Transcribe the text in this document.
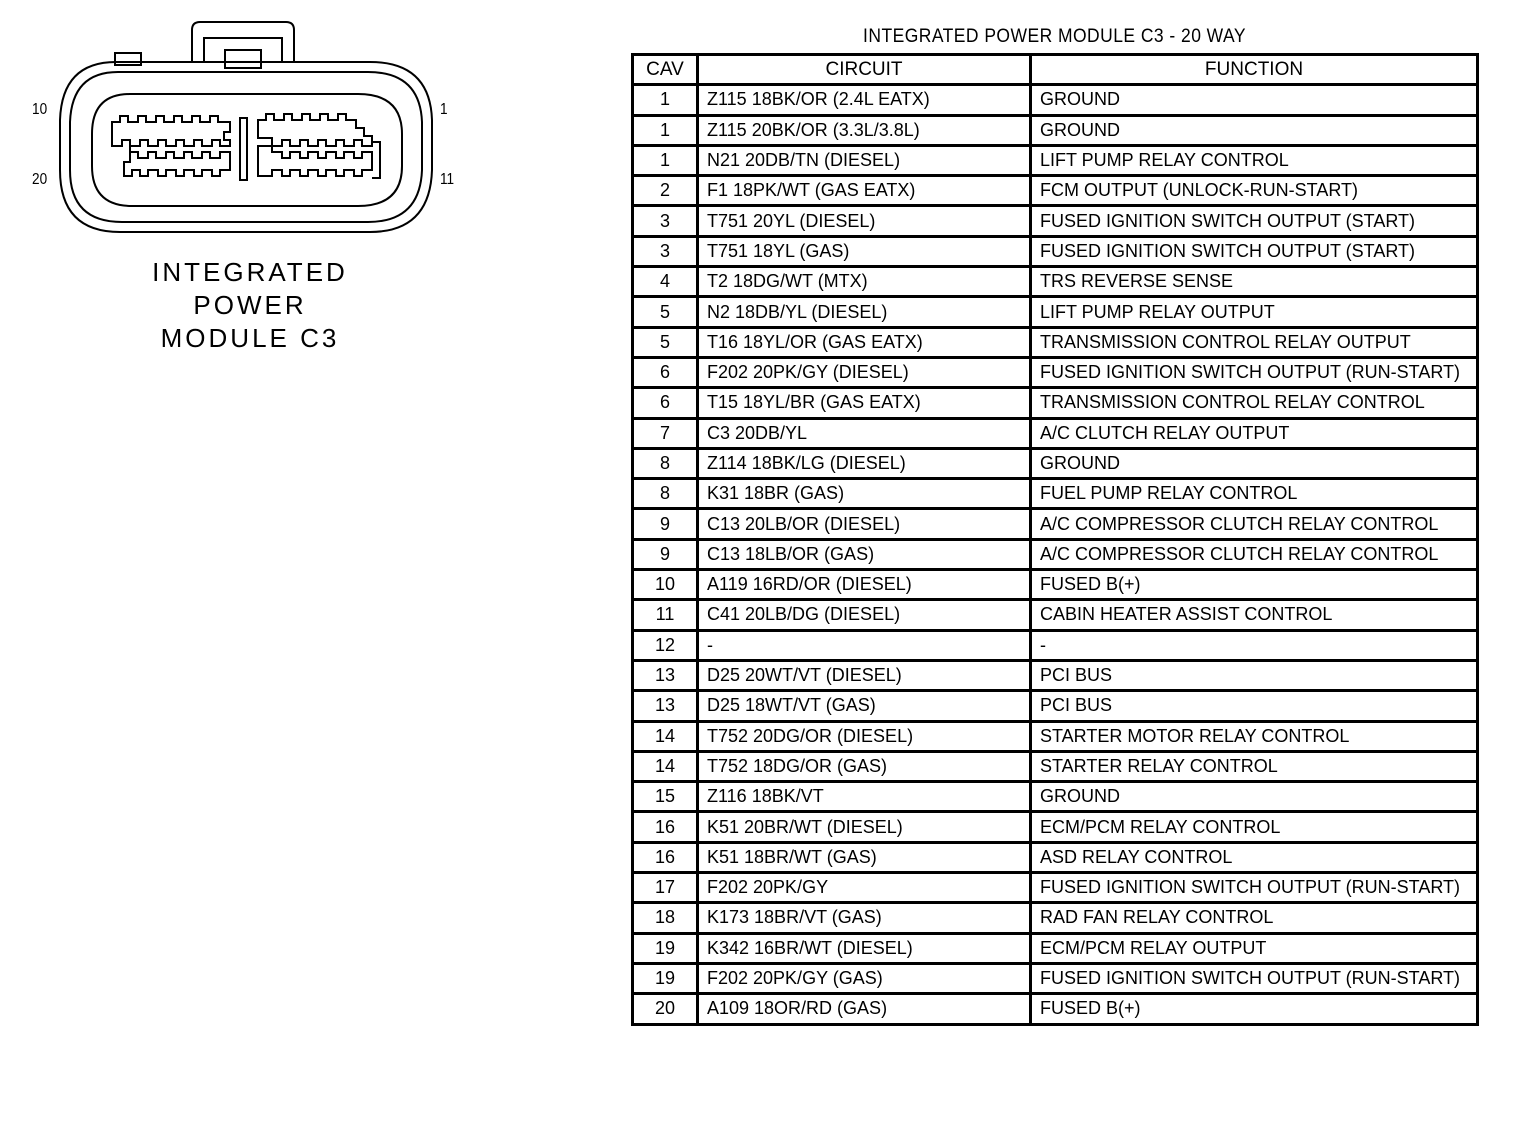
10
20
1
11
INTEGRATED
POWER
MODULE C3
INTEGRATED POWER MODULE C3 - 20 WAY
CAV	CIRCUIT	FUNCTION
1	Z115 18BK/OR (2.4L EATX)	GROUND
1	Z115 20BK/OR (3.3L/3.8L)	GROUND
1	N21 20DB/TN (DIESEL)	LIFT PUMP RELAY CONTROL
2	F1 18PK/WT (GAS EATX)	FCM OUTPUT (UNLOCK-RUN-START)
3	T751 20YL (DIESEL)	FUSED IGNITION SWITCH OUTPUT (START)
3	T751 18YL (GAS)	FUSED IGNITION SWITCH OUTPUT (START)
4	T2 18DG/WT (MTX)	TRS REVERSE SENSE
5	N2 18DB/YL (DIESEL)	LIFT PUMP RELAY OUTPUT
5	T16 18YL/OR (GAS EATX)	TRANSMISSION CONTROL RELAY OUTPUT
6	F202 20PK/GY (DIESEL)	FUSED IGNITION SWITCH OUTPUT (RUN-START)
6	T15 18YL/BR (GAS EATX)	TRANSMISSION CONTROL RELAY CONTROL
7	C3 20DB/YL	A/C CLUTCH RELAY OUTPUT
8	Z114 18BK/LG (DIESEL)	GROUND
8	K31 18BR (GAS)	FUEL PUMP RELAY CONTROL
9	C13 20LB/OR (DIESEL)	A/C COMPRESSOR CLUTCH RELAY CONTROL
9	C13 18LB/OR (GAS)	A/C COMPRESSOR CLUTCH RELAY CONTROL
10	A119 16RD/OR (DIESEL)	FUSED B(+)
11	C41 20LB/DG (DIESEL)	CABIN HEATER ASSIST CONTROL
12	-	-
13	D25 20WT/VT (DIESEL)	PCI BUS
13	D25 18WT/VT (GAS)	PCI BUS
14	T752 20DG/OR (DIESEL)	STARTER MOTOR RELAY CONTROL
14	T752 18DG/OR (GAS)	STARTER RELAY CONTROL
15	Z116 18BK/VT	GROUND
16	K51 20BR/WT (DIESEL)	ECM/PCM RELAY CONTROL
16	K51 18BR/WT (GAS)	ASD RELAY CONTROL
17	F202 20PK/GY	FUSED IGNITION SWITCH OUTPUT (RUN-START)
18	K173 18BR/VT (GAS)	RAD FAN RELAY CONTROL
19	K342 16BR/WT (DIESEL)	ECM/PCM RELAY OUTPUT
19	F202 20PK/GY (GAS)	FUSED IGNITION SWITCH OUTPUT (RUN-START)
20	A109 18OR/RD (GAS)	FUSED B(+)
